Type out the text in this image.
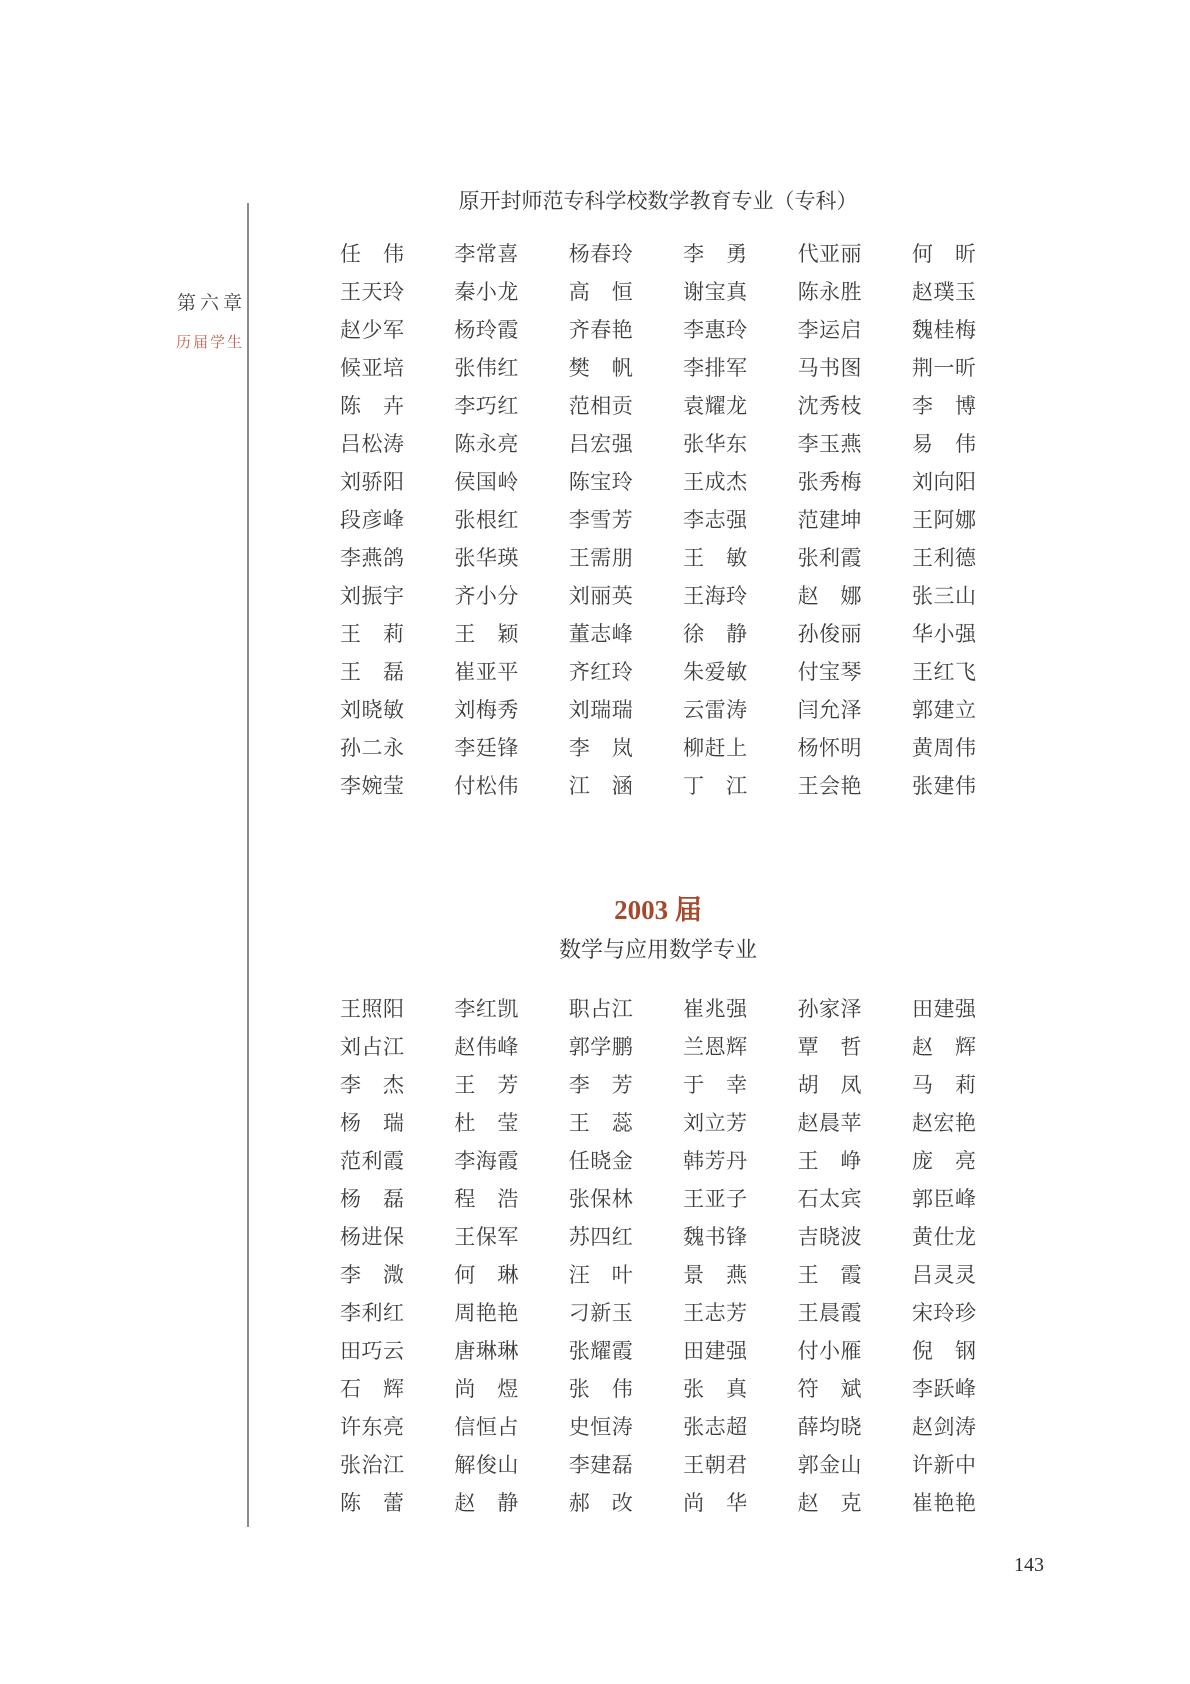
第六章
历届学生
原开封师范专科学校数学教育专业（专科）
任伟 李常喜 杨春玲 李勇 代亚丽 何昕
王天玲 秦小龙 高恒 谢宝真 陈永胜 赵璞玉
赵少军 杨玲霞 齐春艳 李惠玲 李运启 魏桂梅
候亚培 张伟红 樊帆 李排军 马书图 荆一昕
陈卉 李巧红 范相贡 袁耀龙 沈秀枝 李博
吕松涛 陈永亮 吕宏强 张华东 李玉燕 易伟
刘骄阳 侯国岭 陈宝玲 王成杰 张秀梅 刘向阳
段彦峰 张根红 李雪芳 李志强 范建坤 王阿娜
李燕鸽 张华瑛 王需朋 王敏 张利霞 王利德
刘振宇 齐小分 刘丽英 王海玲 赵娜 张三山
王莉 王颖 董志峰 徐静 孙俊丽 华小强
王磊 崔亚平 齐红玲 朱爱敏 付宝琴 王红飞
刘晓敏 刘梅秀 刘瑞瑞 云雷涛 闫允泽 郭建立
孙二永 李廷锋 李岚 柳赶上 杨怀明 黄周伟
李婉莹 付松伟 江涵 丁江 王会艳 张建伟
2003 届
数学与应用数学专业
王照阳 李红凯 职占江 崔兆强 孙家泽 田建强
刘占江 赵伟峰 郭学鹏 兰恩辉 覃哲 赵辉
李杰 王芳 李芳 于幸 胡凤 马莉
杨瑞 杜莹 王蕊 刘立芳 赵晨苹 赵宏艳
范利霞 李海霞 任晓金 韩芳丹 王峥 庞亮
杨磊 程浩 张保林 王亚子 石太宾 郭臣峰
杨进保 王保军 苏四红 魏书锋 吉晓波 黄仕龙
李溦 何琳 汪叶 景燕 王霞 吕灵灵
李利红 周艳艳 刁新玉 王志芳 王晨霞 宋玲珍
田巧云 唐琳琳 张耀霞 田建强 付小雁 倪钢
石辉 尚煜 张伟 张真 符斌 李跃峰
许东亮 信恒占 史恒涛 张志超 薛均晓 赵剑涛
张治江 解俊山 李建磊 王朝君 郭金山 许新中
陈蕾 赵静 郝改 尚华 赵克 崔艳艳
143
